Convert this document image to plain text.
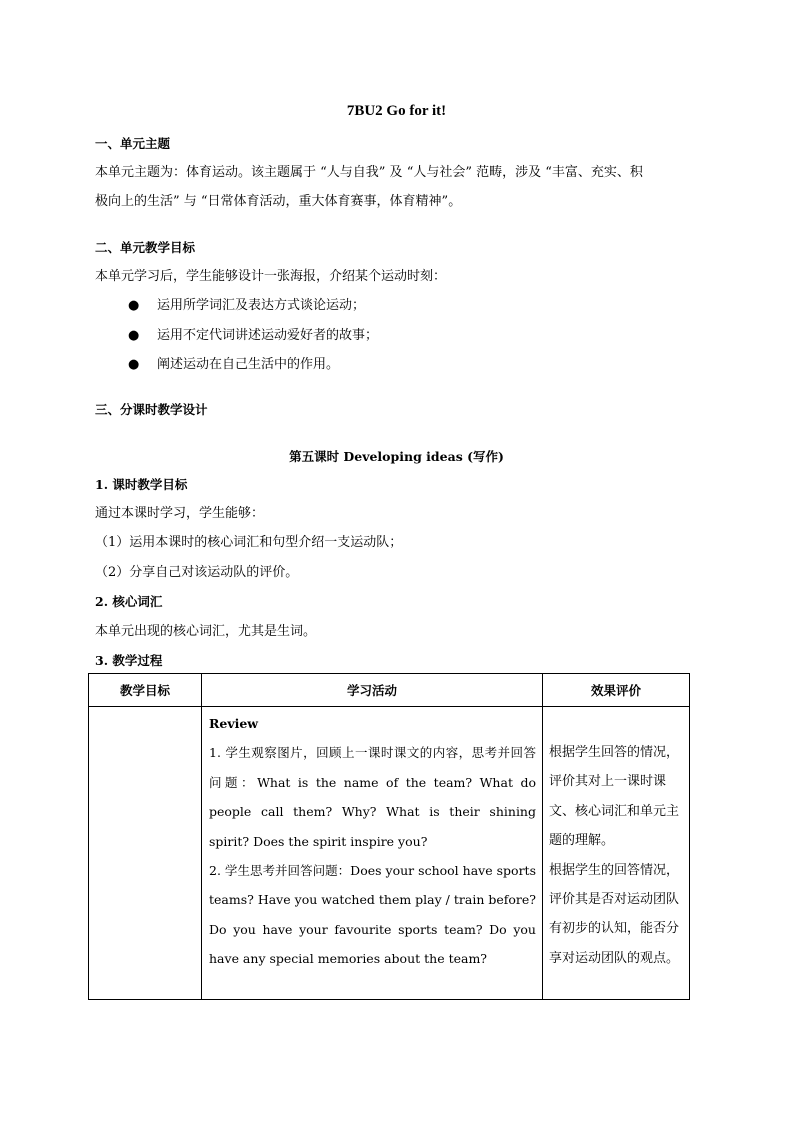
7BU2 Go for it!
一、单元主题
本单元主题为：体育运动。该主题属于 “人与自我” 及 “人与社会” 范畴，涉及 “丰富、充实、积
极向上的生活” 与 “日常体育活动，重大体育赛事，体育精神”。
二、单元教学目标
本单元学习后，学生能够设计一张海报，介绍某个运动时刻：
● 运用所学词汇及表达方式谈论运动；
● 运用不定代词讲述运动爱好者的故事；
● 阐述运动在自己生活中的作用。
三、分课时教学设计
第五课时 Developing ideas (写作)
1. 课时教学目标
通过本课时学习，学生能够：
（1）运用本课时的核心词汇和句型介绍一支运动队；
（2）分享自己对该运动队的评价。
2. 核心词汇
本单元出现的核心词汇，尤其是生词。
3. 教学过程
教学目标	学习活动	效果评价

Review

1. 学生观察图片，回顾上一课时课文的内容，思考并回答问题：What is the name of the team? What do people call them? Why? What is their shining spirit? Does the spirit inspire you?

2. 学生思考并回答问题：Does your school have sports teams? Have you watched them play / train before? Do you have your favourite sports team? Do you have any special memories about the team?

根据学生回答的情况，评价其对上一课时课文、核心词汇和单元主题的理解。

根据学生的回答情况，评价其是否对运动团队有初步的认知，能否分享对运动团队的观点。
